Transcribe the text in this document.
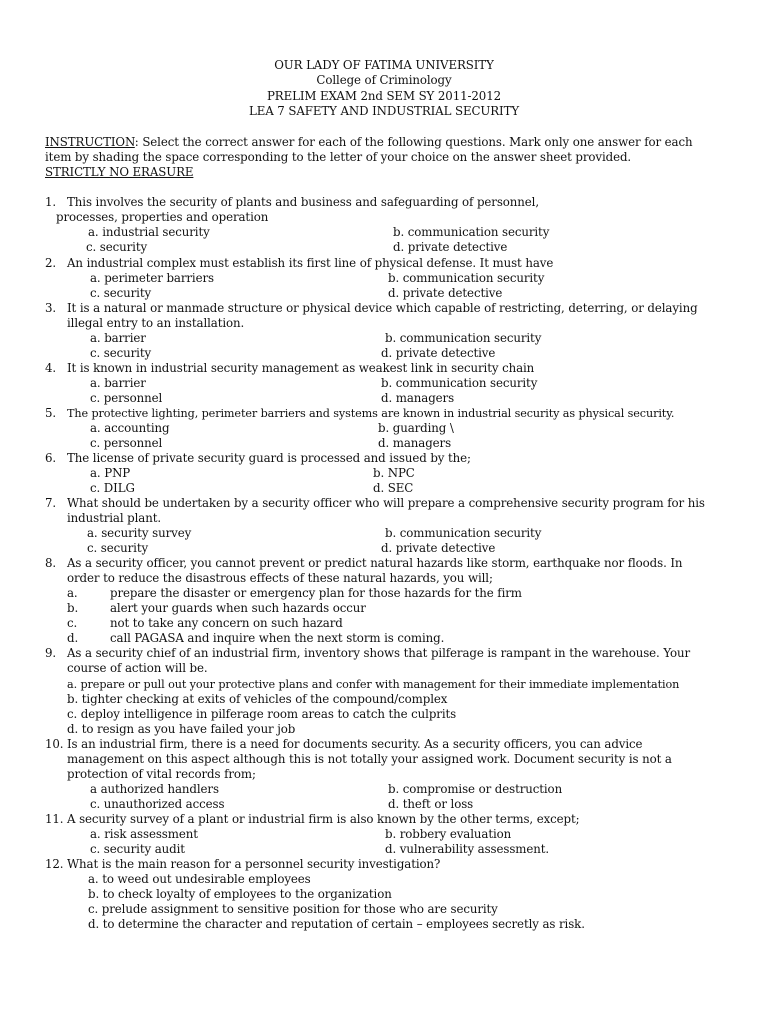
OUR LADY OF FATIMA UNIVERSITY
College of Criminology
PRELIM EXAM 2nd SEM SY 2011-2012
LEA 7 SAFETY AND INDUSTRIAL SECURITY
INSTRUCTION: Select the correct answer for each of the following questions. Mark only one answer for each
item by shading the space corresponding to the letter of your choice on the answer sheet provided.
STRICTLY NO ERASURE
1. This involves the security of plants and business and safeguarding of personnel,
processes, properties and operation
a. industrial security	b. communication security
c. security	d. private detective
2. An industrial complex must establish its first line of physical defense. It must have
a. perimeter barriers	b. communication security
c. security	d. private detective
3. It is a natural or manmade structure or physical device which capable of restricting, deterring, or delaying
illegal entry to an installation.
a. barrier	b. communication security
c. security	d. private detective
4. It is known in industrial security management as weakest link in security chain
a. barrier	b. communication security
c. personnel	d. managers
5. The protective lighting, perimeter barriers and systems are known in industrial security as physical security.
a. accounting	b. guarding \
c. personnel	d. managers
6. The license of private security guard is processed and issued by the;
a. PNP	b. NPC
c. DILG	d. SEC
7. What should be undertaken by a security officer who will prepare a comprehensive security program for his
industrial plant.
a. security survey	b. communication security
c. security	d. private detective
8. As a security officer, you cannot prevent or predict natural hazards like storm, earthquake nor floods. In
order to reduce the disastrous effects of these natural hazards, you will;
a.	prepare the disaster or emergency plan for those hazards for the firm
b.	alert your guards when such hazards occur
c.	not to take any concern on such hazard
d.	call PAGASA and inquire when the next storm is coming.
9. As a security chief of an industrial firm, inventory shows that pilferage is rampant in the warehouse. Your
course of action will be.
a. prepare or pull out your protective plans and confer with management for their immediate implementation
b. tighter checking at exits of vehicles of the compound/complex
c. deploy intelligence in pilferage room areas to catch the culprits
d. to resign as you have failed your job
10. Is an industrial firm, there is a need for documents security. As a security officers, you can advice
management on this aspect although this is not totally your assigned work. Document security is not a
protection of vital records from;
a authorized handlers	b. compromise or destruction
c. unauthorized access	d. theft or loss
11. A security survey of a plant or industrial firm is also known by the other terms, except;
a. risk assessment	b. robbery evaluation
c. security audit	d. vulnerability assessment.
12. What is the main reason for a personnel security investigation?
a. to weed out undesirable employees
b. to check loyalty of employees to the organization
c. prelude assignment to sensitive position for those who are security
d. to determine the character and reputation of certain – employees secretly as risk.
